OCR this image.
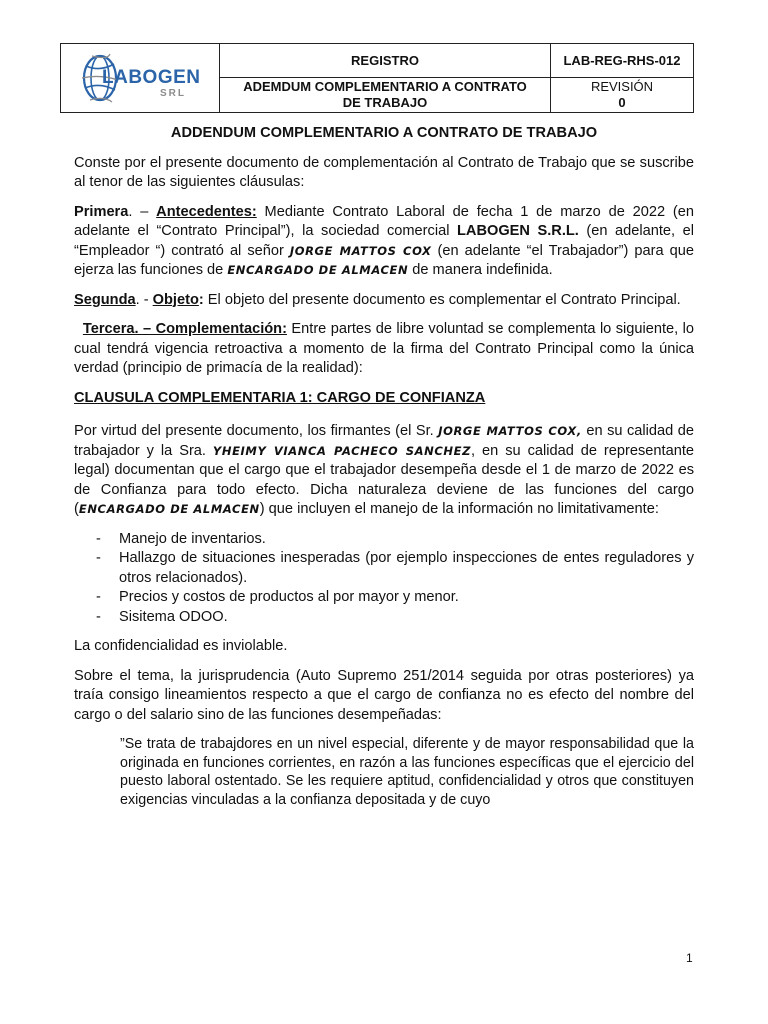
LABOGEN
SRL
REGISTRO
ADEMDUM COMPLEMENTARIO A CONTRATO
DE TRABAJO
LAB-REG-RHS-012
REVISIÓN
0
ADDENDUM COMPLEMENTARIO A CONTRATO DE TRABAJO

Conste por el presente documento de complementación al Contrato de Trabajo que se suscribe al tenor de las siguientes cláusulas:

Primera. – Antecedentes: Mediante Contrato Laboral de fecha 1 de marzo de 2022 (en adelante el “Contrato Principal”), la sociedad comercial LABOGEN S.R.L. (en adelante, el “Empleador “) contrató al señor JORGE MATTOS COX (en adelante “el Trabajador”) para que ejerza las funciones de ENCARGADO DE ALMACEN de manera indefinida.

Segunda. - Objeto: El objeto del presente documento es complementar el Contrato Principal.

Tercera. – Complementación: Entre partes de libre voluntad se complementa lo siguiente, lo cual tendrá vigencia retroactiva a momento de la firma del Contrato Principal como la única verdad (principio de primacía de la realidad):

CLAUSULA COMPLEMENTARIA 1: CARGO DE CONFIANZA

Por virtud del presente documento, los firmantes (el Sr. JORGE MATTOS COX, en su calidad de trabajador y la Sra. YHEIMY VIANCA PACHECO SANCHEZ, en su calidad de representante legal) documentan que el cargo que el trabajador desempeña desde el 1 de marzo de 2022 es de Confianza para todo efecto. Dicha naturaleza deviene de las funciones del cargo (ENCARGADO DE ALMACEN) que incluyen el manejo de la información no limitativamente:

- Manejo de inventarios.
- Hallazgo de situaciones inesperadas (por ejemplo inspecciones de entes reguladores y otros relacionados).
- Precios y costos de productos al por mayor y menor.
- Sisitema ODOO.

La confidencialidad es inviolable.

Sobre el tema, la jurisprudencia (Auto Supremo 251/2014 seguida por otras posteriores) ya traía consigo lineamientos respecto a que el cargo de confianza no es efecto del nombre del cargo o del salario sino de las funciones desempeñadas:

”Se trata de trabajdores en un nivel especial, diferente y de mayor responsabilidad que la originada en funciones corrientes, en razón a las funciones específicas que el ejercicio del puesto laboral ostentado. Se les requiere aptitud, confidencialidad y otros que constituyen exigencias vinculadas a la confianza depositada y de cuyo

1
